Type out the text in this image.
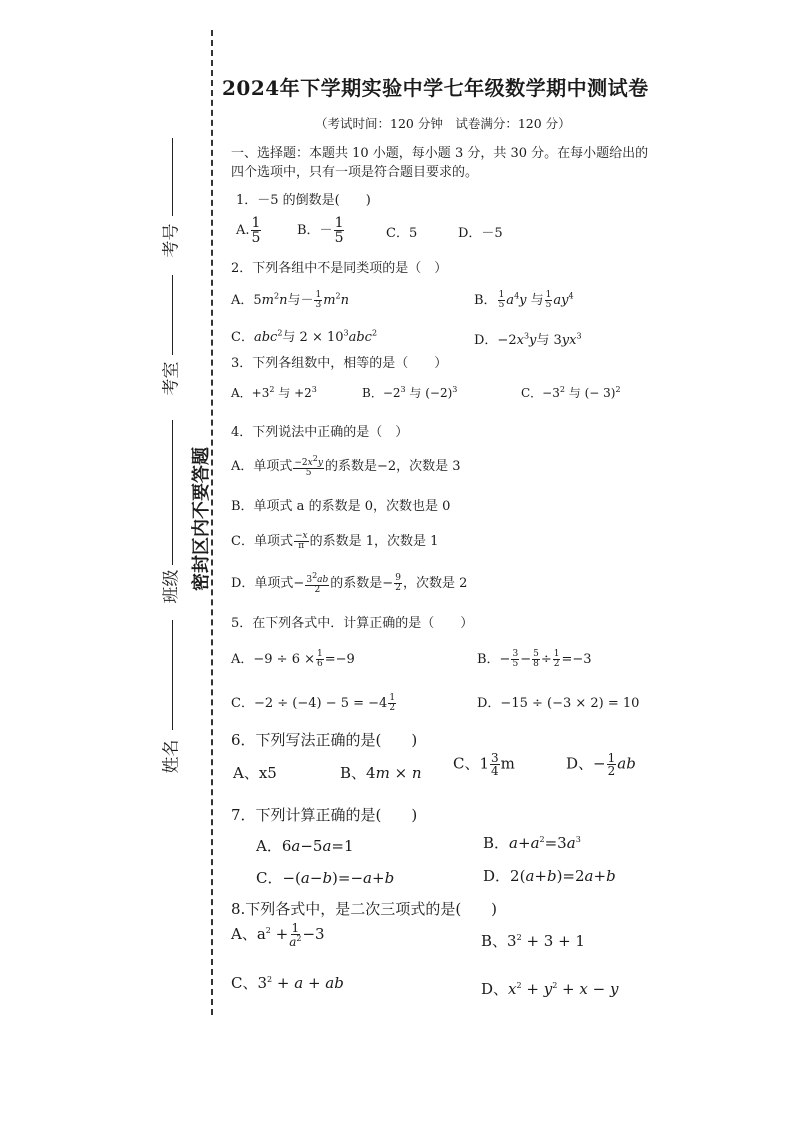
考号
考室
班级
姓名
密封区内不要答题
2024年下学期实验中学七年级数学期中测试卷
（考试时间：120 分钟　试卷满分：120 分）
一、选择题：本题共 10 小题，每小题 3 分，共 30 分。在每小题给出的
四个选项中，只有一项是符合题目要求的。
1．－5 的倒数是(　　)
A. $\frac{1}{5}$	B．－ $\frac{1}{5}$	C．5	D．－5
2．下列各组中不是同类项的是（　）
A．$5m^2n$与－ $\frac{1}{3} m^2n$	B． $\frac{1}{5} a^4y$ 与 $\frac{1}{5} ay^4$
C．abc$^2$与 $2 \times 10^3abc^2$	D．$-2x^3y$与 $3yx^3$
3．下列各组数中，相等的是（　　）
A．$+3^2$ 与 $+2^3$	B．$-2^3$ 与 $(-2)^3$	C．$-3^2$ 与 (− 3)$^2$
4．下列说法中正确的是（　）
A．单项式 $\frac{-2x^2y}{5}$ 的系数是−2，次数是 3
B．单项式 a 的系数是 0，次数也是 0
C．单项式 $\frac{-x}{\pi}$ 的系数是 1，次数是 1
D．单项式− $\frac{3^2ab}{2}$ 的系数是− $\frac{9}{2}$ ，次数是 2
5．在下列各式中．计算正确的是（　　）
A．$-9 \div 6 \times \frac{1}{6} =-9$	B．− $\frac{3}{5} - \frac{5}{8} \div \frac{1}{2} =-3$
C．$-2 \div (-4) - 5 = -4 \frac{1}{2}$	D．−15 ÷ (−3 × 2) = 10
6．下列写法正确的是(　　)
A、x5	B、4m × n
C、$1 \frac{3}{4}$ m	D、− $\frac{1}{2}$ ab
7．下列计算正确的是(　　)
A．6a−5a=1	B．$a+a^2=3a^3$
C．−(a−b)=−a+b	D．2(a+b)=2a+b
8.下列各式中，是二次三项式的是(　　)
A、$a^2 + \frac{1}{a^2} -3$	B、$3^2 + 3 + 1$
C、$3^2 + a$ + ab	D、$x^2 + y^2 + x - y$
